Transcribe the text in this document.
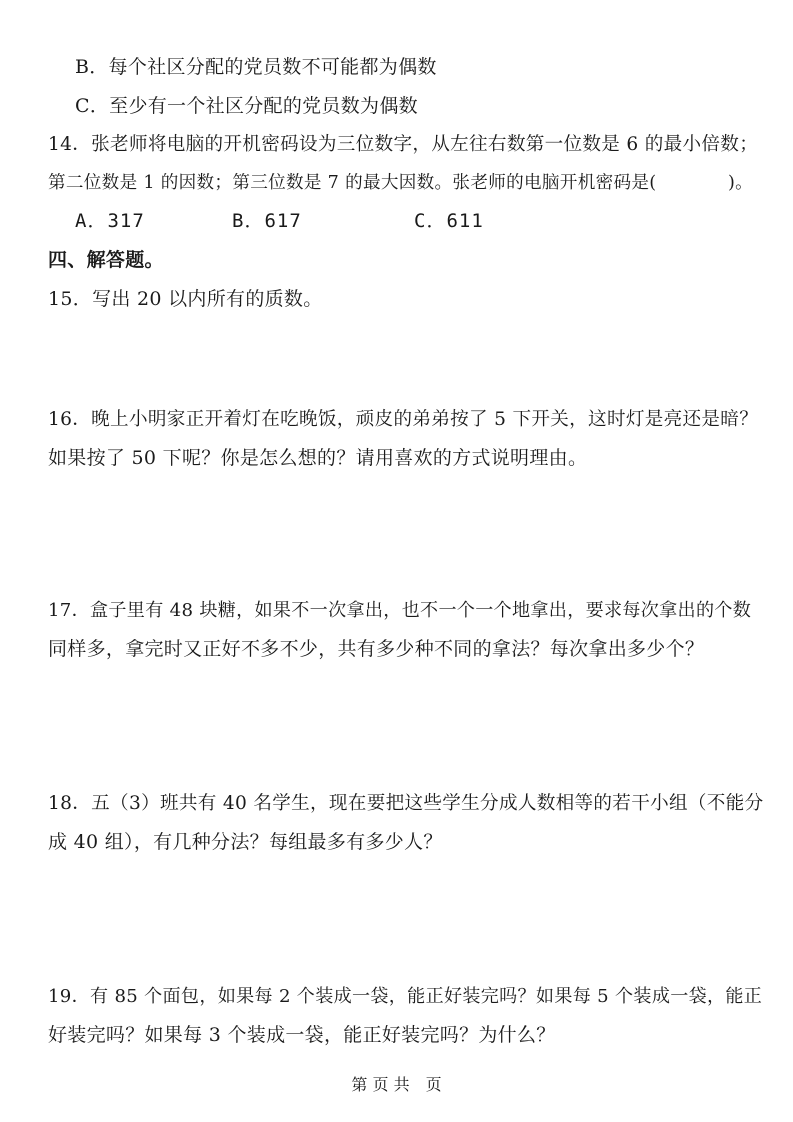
B．每个社区分配的党员数不可能都为偶数
C．至少有一个社区分配的党员数为偶数
14．张老师将电脑的开机密码设为三位数字，从左往右数第一位数是 6 的最小倍数；
第二位数是 1 的因数；第三位数是 7 的最大因数。张老师的电脑开机密码是(　　　　)。
A．317	B．617	C．611
四、解答题。
15．写出 20 以内所有的质数。
16．晚上小明家正开着灯在吃晚饭，顽皮的弟弟按了 5 下开关，这时灯是亮还是暗？
如果按了 50 下呢？你是怎么想的？请用喜欢的方式说明理由。
17．盒子里有 48 块糖，如果不一次拿出，也不一个一个地拿出，要求每次拿出的个数
同样多，拿完时又正好不多不少，共有多少种不同的拿法？每次拿出多少个？
18．五（3）班共有 40 名学生，现在要把这些学生分成人数相等的若干小组（不能分
成 40 组），有几种分法？每组最多有多少人？
19．有 85 个面包，如果每 2 个装成一袋，能正好装完吗？如果每 5 个装成一袋，能正
好装完吗？如果每 3 个装成一袋，能正好装完吗？为什么？
第 页 共　页
